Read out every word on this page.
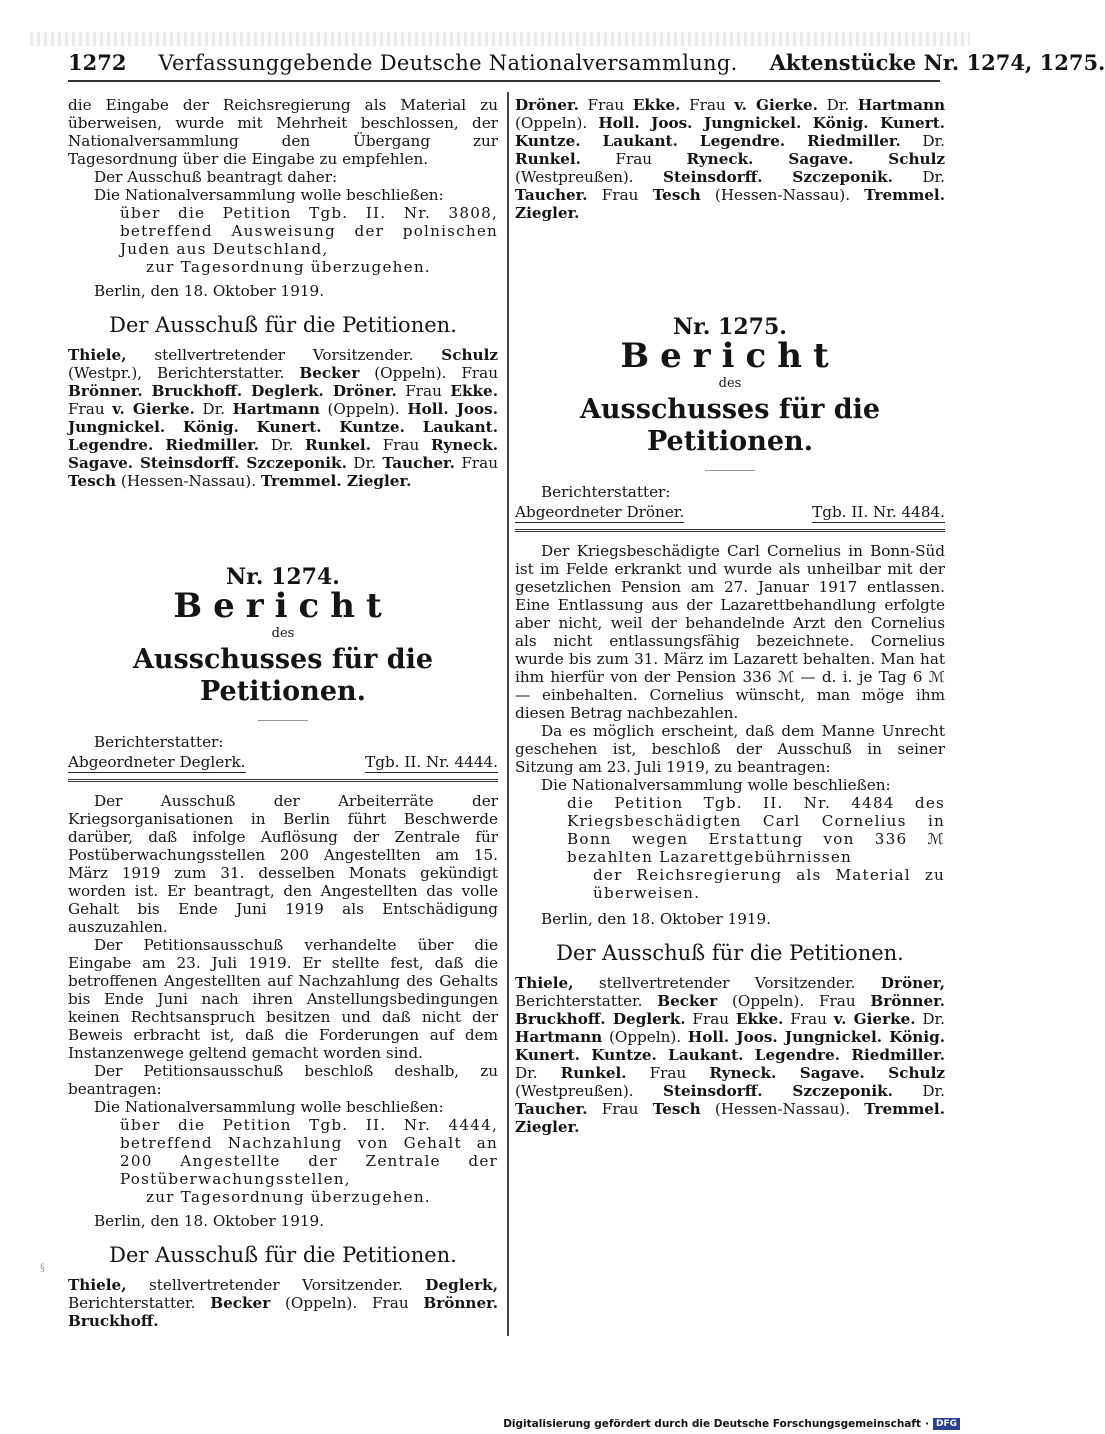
1272 Verfassunggebende Deutsche Nationalversammlung. Aktenstücke Nr. 1274, 1275.

die Eingabe der Reichsregierung als Material zu überweisen, wurde mit Mehrheit beschlossen, der Nationalversammlung den Übergang zur Tagesordnung über die Eingabe zu empfehlen.

Der Ausschuß beantragt daher:

Die Nationalversammlung wolle beschließen:

über die Petition Tgb. II. Nr. 3808, betreffend Ausweisung der polnischen Juden aus Deutschland,

zur Tagesordnung überzugehen.

Berlin, den 18. Oktober 1919.

Der Ausschuß für die Petitionen.

Thiele, stellvertretender Vorsitzender. Schulz (Westpr.), Berichterstatter. Becker (Oppeln). Frau Brönner. Bruckhoff. Deglerk. Dröner. Frau Ekke. Frau v. Gierke. Dr. Hartmann (Oppeln). Holl. Joos. Jungnickel. König. Kunert. Kuntze. Laukant. Legendre. Riedmiller. Dr. Runkel. Frau Ryneck. Sagave. Steinsdorff. Szczeponik. Dr. Taucher. Frau Tesch (Hessen-Nassau). Tremmel. Ziegler.

Nr. 1274.

Bericht

des

Ausschusses für die Petitionen.

Berichterstatter:

Abgeordneter Deglerk.	Tgb. II. Nr. 4444.

Der Ausschuß der Arbeiterräte der Kriegsorganisationen in Berlin führt Beschwerde darüber, daß infolge Auflösung der Zentrale für Postüberwachungsstellen 200 Angestellten am 15. März 1919 zum 31. desselben Monats gekündigt worden ist. Er beantragt, den Angestellten das volle Gehalt bis Ende Juni 1919 als Entschädigung auszuzahlen.

Der Petitionsausschuß verhandelte über die Eingabe am 23. Juli 1919. Er stellte fest, daß die betroffenen Angestellten auf Nachzahlung des Gehalts bis Ende Juni nach ihren Anstellungsbedingungen keinen Rechtsanspruch besitzen und daß nicht der Beweis erbracht ist, daß die Forderungen auf dem Instanzenwege geltend gemacht worden sind.

Der Petitionsausschuß beschloß deshalb, zu beantragen:

Die Nationalversammlung wolle beschließen:

über die Petition Tgb. II. Nr. 4444, betreffend Nachzahlung von Gehalt an 200 Angestellte der Zentrale der Postüberwachungsstellen,

zur Tagesordnung überzugehen.

Berlin, den 18. Oktober 1919.

Der Ausschuß für die Petitionen.

Thiele, stellvertretender Vorsitzender. Deglerk, Berichterstatter. Becker (Oppeln). Frau Brönner. Bruckhoff.

Dröner. Frau Ekke. Frau v. Gierke. Dr. Hartmann (Oppeln). Holl. Joos. Jungnickel. König. Kunert. Kuntze. Laukant. Legendre. Riedmiller. Dr. Runkel. Frau Ryneck. Sagave. Schulz (Westpreußen). Steinsdorff. Szczeponik. Dr. Taucher. Frau Tesch (Hessen-Nassau). Tremmel. Ziegler.

Nr. 1275.

Bericht

des

Ausschusses für die Petitionen.

Berichterstatter:

Abgeordneter Dröner.	Tgb. II. Nr. 4484.

Der Kriegsbeschädigte Carl Cornelius in Bonn-Süd ist im Felde erkrankt und wurde als unheilbar mit der gesetzlichen Pension am 27. Januar 1917 entlassen. Eine Entlassung aus der Lazarettbehandlung erfolgte aber nicht, weil der behandelnde Arzt den Cornelius als nicht entlassungsfähig bezeichnete. Cornelius wurde bis zum 31. März im Lazarett behalten. Man hat ihm hierfür von der Pension 336 ℳ — d. i. je Tag 6 ℳ — einbehalten. Cornelius wünscht, man möge ihm diesen Betrag nachbezahlen.

Da es möglich erscheint, daß dem Manne Unrecht geschehen ist, beschloß der Ausschuß in seiner Sitzung am 23. Juli 1919, zu beantragen:

Die Nationalversammlung wolle beschließen:

die Petition Tgb. II. Nr. 4484 des Kriegsbeschädigten Carl Cornelius in Bonn wegen Erstattung von 336 ℳ bezahlten Lazarettgebührnissen

der Reichsregierung als Material zu überweisen.

Berlin, den 18. Oktober 1919.

Der Ausschuß für die Petitionen.

Thiele, stellvertretender Vorsitzender. Dröner, Berichterstatter. Becker (Oppeln). Frau Brönner. Bruckhoff. Deglerk. Frau Ekke. Frau v. Gierke. Dr. Hartmann (Oppeln). Holl. Joos. Jungnickel. König. Kunert. Kuntze. Laukant. Legendre. Riedmiller. Dr. Runkel. Frau Ryneck. Sagave. Schulz (Westpreußen). Steinsdorff. Szczeponik. Dr. Taucher. Frau Tesch (Hessen-Nassau). Tremmel. Ziegler.

§
Digitalisierung gefördert durch die Deutsche Forschungsgemeinschaft · DFG
